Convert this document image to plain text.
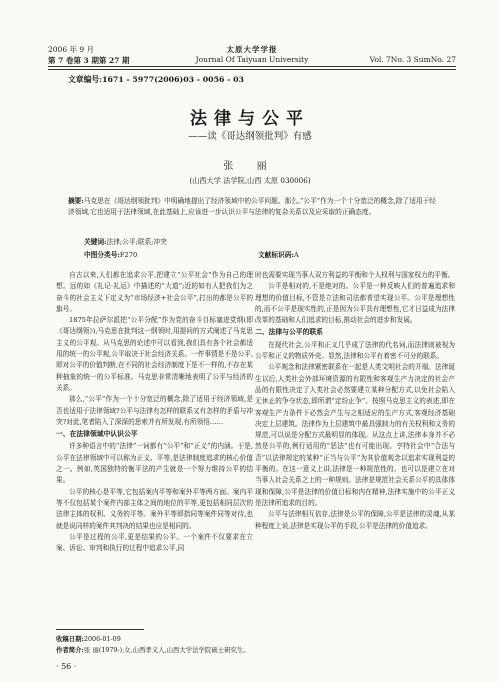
2006 年 9 月	太原大学学报
第 7 卷第 3 期第 27 期	Journal Of Taiyuan University	Vol. 7No. 3 SumNo. 27
文章编号:1671 - 5977(2006)03 - 0056 - 03
法律与公平
——读《哥达纲领批判》有感
张 丽
(山西大学 法学院,山西 太原 030006)
摘要:马克思在《哥达纲领批判》中明确地提出了经济领域中的公平问题。那么,“公平”作为一个十分宽泛的概念,除了适用于经济领域,它也适用于法律领域,在此基础上,应该进一步认识公平与法律的复杂关系以及应采取的正确态度。
关键词:法律;公平;联系;冲突
中图分类号:F270	文献标识码:A

自古以来,人们都在追求公平,把建立“公平社会”作为自己的理想。远的如《礼记·礼运》中描述的“大道”;近的如有人把我们为之奋斗的社会主义下定义为“市场经济+社会公平”,打出的都是公平的旗号。

1875年拉萨尔派把“公平分配”作为党的奋斗目标塞进党纲(即《哥达纲领》),马克思在批判这一纲领时,用提问的方式阐述了马克思主义的公平观。从马克思的论述中可以看到,我们具有各个社会都适用的统一的公平观,公平取决于社会经济关系。一件事情是不是公平,即对公平的价值判断,在不同的社会经济制度下是不一样的,不存在某种抽象的统一的公平标准。马克思非常清晰地表明了公平与经济的关系。

那么,“公平”作为一个十分宽泛的概念,除了适用于经济领域,是否也适用于法律领域?公平与法律有怎样的联系又有怎样的矛盾与冲突?对此,笔者陷入了深深的思索并有所发现,有所领悟……

一、在法律领域中认识公平

许多种语言中的“法律”一词都有“公平”和“正义”的内涵。于是,公平在法律领域中可以称为正义、平等,是法律制度追求的核心价值之一。例如,英国独特的衡平法的产生就是一个努力维持公平的结果。

公平的核心是平等,它包括案内平等和案外平等两方面。案内平等不仅包括某个案件内部主体之间的地位的平等,更包括相同层次的法律主体的权利、义务的平等。案外平等即指同等案件同等对待,也就是说同样的案件其判决的结果也应是相同的。

公平是过程的公平,更是结果的公平。一个案件不仅要求在立案、诉讼、审判和执行的过程中追求公平,同

时也需要实现当事人双方利益的平衡和个人权利与国家权力的平衡。

公平是相对的,不是绝对的。公平是一种反映人们的普遍追求和理想的价值目标,不管是立法和司法都希望实现公平。公平是理想性的,而不公平是现实性的,正是因为公平具有理想性,它才日益成为法律改革的基础和人们追求的目标,推动社会的进步和发展。

二、法律与公平的联系

在现代社会,公平和正义几乎成了法律的代名词,而法律则被视为公平和正义的物质外壳。显然,法律和公平有着密不可分的联系。

公平观念和法律紧密联系在一起是人类文明社会的开端。法律诞生以后,人类社会外部环境资源的有限性和客观生产力决定的社会产品的有限性决定了人类社会必然要建立某种分配方式,以免社会陷入无休止的争夺状态,即所谓“定纷止争”。按照马克思主义的表述,即在客观生产力条件下必然会产生与之相适应的生产方式,客观经济基础决定上层建筑。法律作为上层建筑中最具强制力的有关权利和义务的规范,可以说是分配方式最明显的体现。从这点上讲,法律本身并不必然是公平的,例行适用的“恶法”也有可能出现。亨特社会中“合法与否”以法律规定的某种“正当与公平”为其价值观念以追求实现利益的平衡的。在这一意义上讲,法律是一种规范性的、也可以是建立在对当事人社会关系之上的一种规则。法律是规范社会关系公平的具体体现和保障,公平是法律的价值目标和内在精神,法律实施中的公平正义是法律所追求的目的。

公平与法律相互依存,法律是公平的保障,公平是法律的灵魂,从某种程度上说,法律是实现公平的手段,公平是法律的价值追求。

收稿日期:2006-01-09
作者简介:张 丽(1979-),女,山西孝义人,山西大学法学院硕士研究生。
· 56 ·
